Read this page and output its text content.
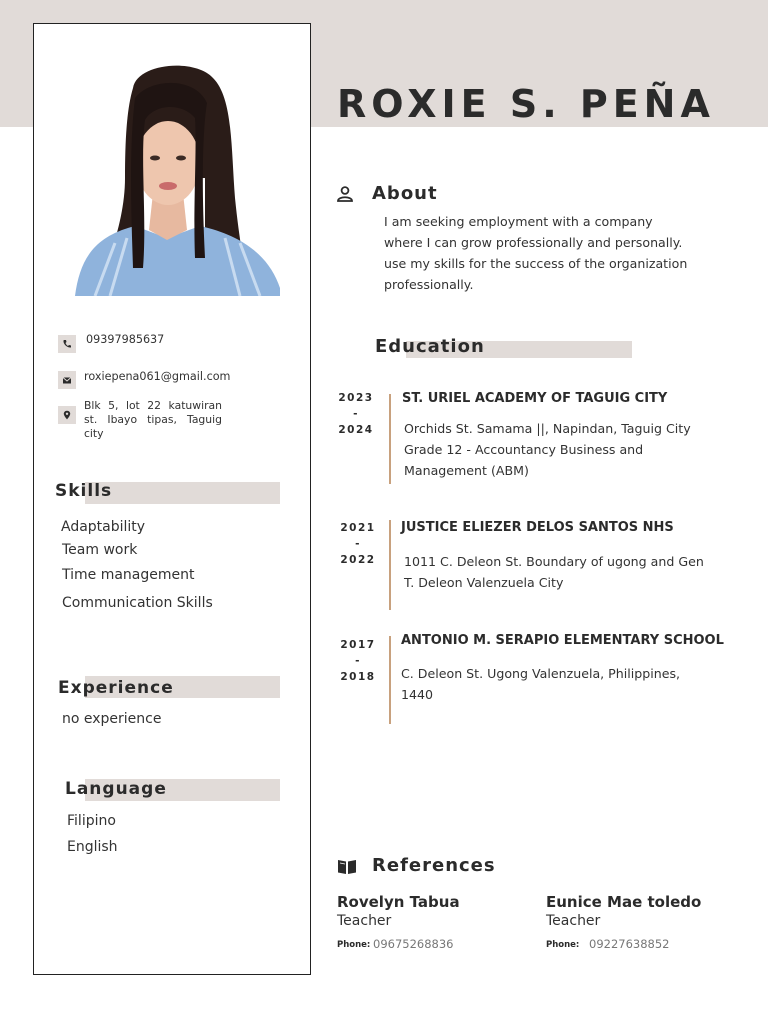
09397985637
roxiepena061@gmail.com
Blk 5, lot 22 katuwiran st. Ibayo tipas, Taguig city
Skills
Adaptability
Team work
Time management
Communication Skills
Experience
no experience
Language
Filipino
English
ROXIE S. PEÑA
About
I am seeking employment with a company where I can grow professionally and personally. use my skills for the success of the organization professionally.
Education
2023
-
2024
ST. URIEL ACADEMY OF TAGUIG CITY
Orchids St. Samama ||, Napindan, Taguig City Grade 12 - Accountancy Business and Management (ABM)
2021
-
2022
JUSTICE ELIEZER DELOS SANTOS NHS
1011 C. Deleon St. Boundary of ugong and Gen T. Deleon Valenzuela City
2017
-
2018
ANTONIO M. SERAPIO ELEMENTARY SCHOOL
C. Deleon St. Ugong Valenzuela, Philippines, 1440
References
Rovelyn Tabua
Teacher
Phone: 09675268836
Eunice Mae toledo
Teacher
Phone: 09227638852
